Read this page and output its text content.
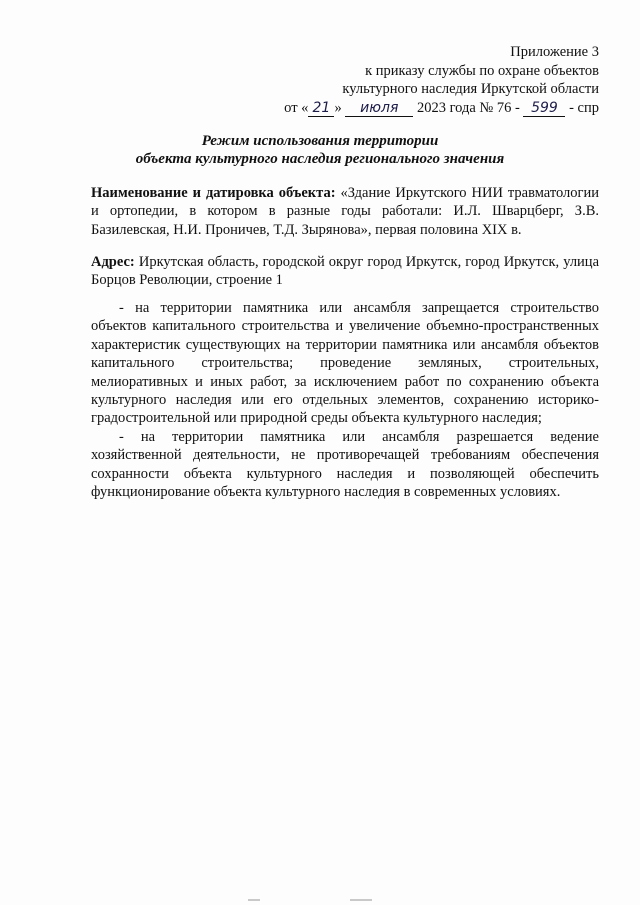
Приложение 3
к приказу службы по охране объектов
культурного наследия Иркутской области
от « 21 » июля 2023 года № 76 - 599 - спр
Режим использования территории
объекта культурного наследия регионального значения
Наименование и датировка объекта: «Здание Иркутского НИИ травматологии и ортопедии, в котором в разные годы работали: И.Л. Шварцберг, З.В. Базилевская, Н.И. Проничев, Т.Д. Зырянова», первая половина XIX в.
Адрес: Иркутская область, городской округ город Иркутск, город Иркутск, улица Борцов Революции, строение 1
- на территории памятника или ансамбля запрещается строительство объектов капитального строительства и увеличение объемно-пространственных характеристик существующих на территории памятника или ансамбля объектов капитального строительства; проведение земляных, строительных, мелиоративных и иных работ, за исключением работ по сохранению объекта культурного наследия или его отдельных элементов, сохранению историко-градостроительной или природной среды объекта культурного наследия;
- на территории памятника или ансамбля разрешается ведение хозяйственной деятельности, не противоречащей требованиям обеспечения сохранности объекта культурного наследия и позволяющей обеспечить функционирование объекта культурного наследия в современных условиях.
